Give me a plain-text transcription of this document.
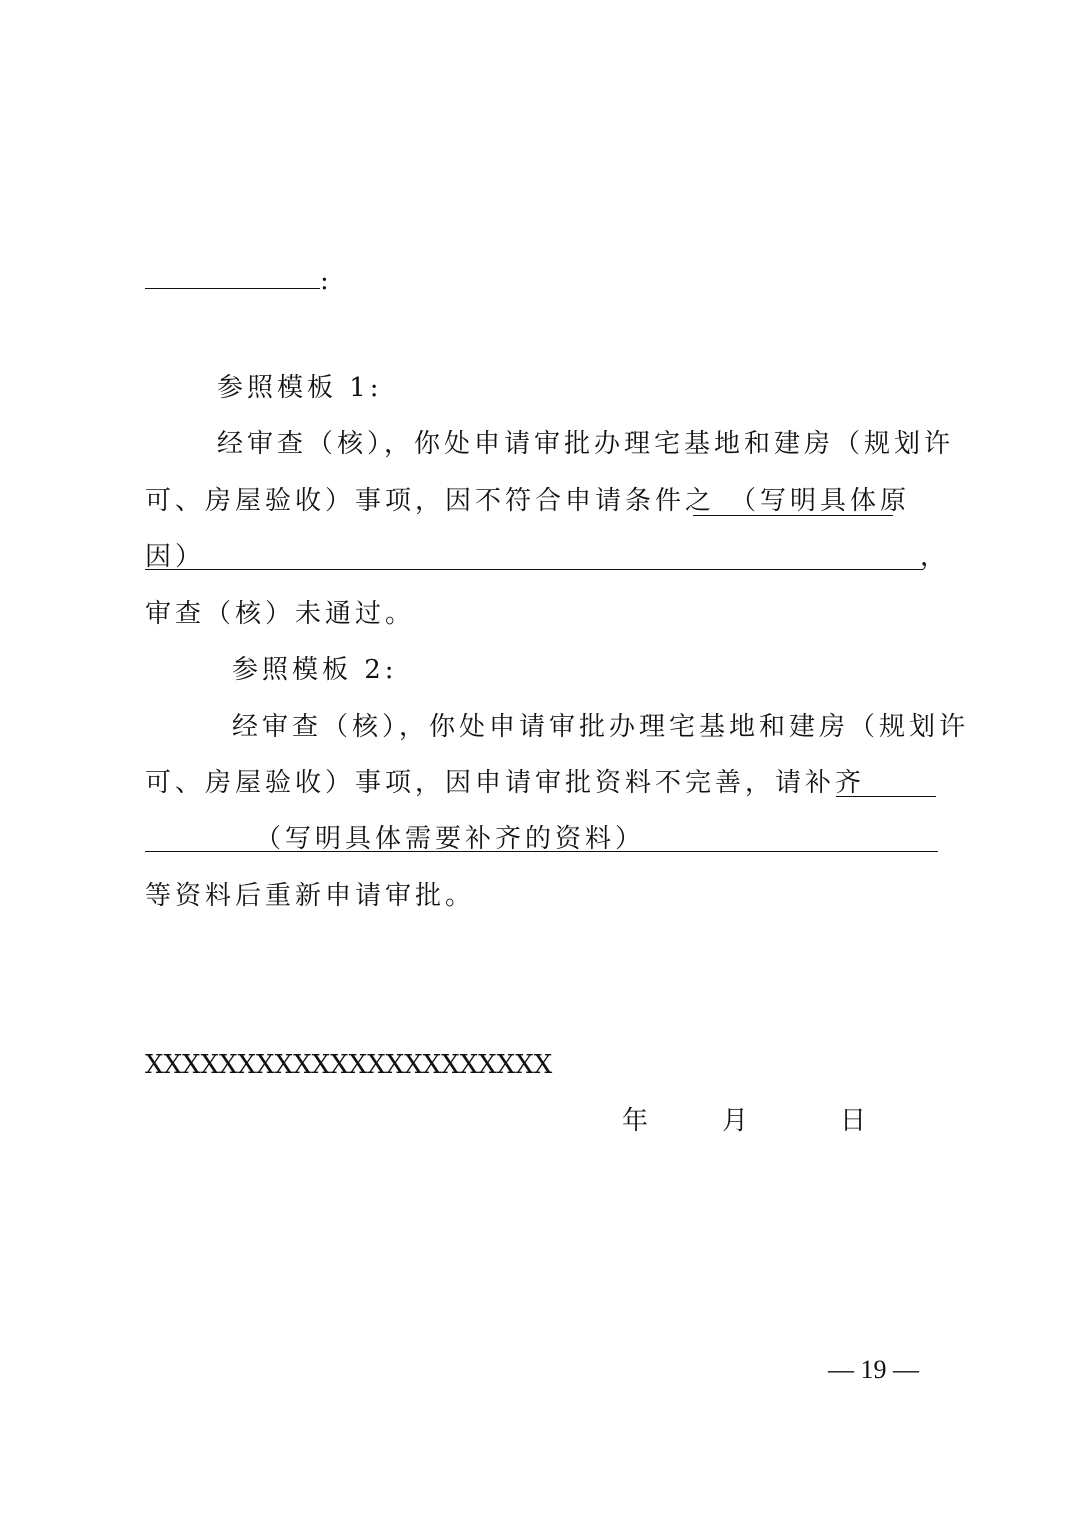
:
参照模板 1:
经审查（核），你处申请审批办理宅基地和建房（规划许
可、房屋验收）事项，因不符合申请条件之 （写明具体原
因）	，
审查（核）未通过。
参照模板 2:
经审查（核），你处申请审批办理宅基地和建房（规划许
可、房屋验收）事项，因申请审批资料不完善，请补齐
（写明具体需要补齐的资料）
等资料后重新申请审批。
XXXXXXXXXXXXXXXXXXXXXX
年	月	日
— 19 —
